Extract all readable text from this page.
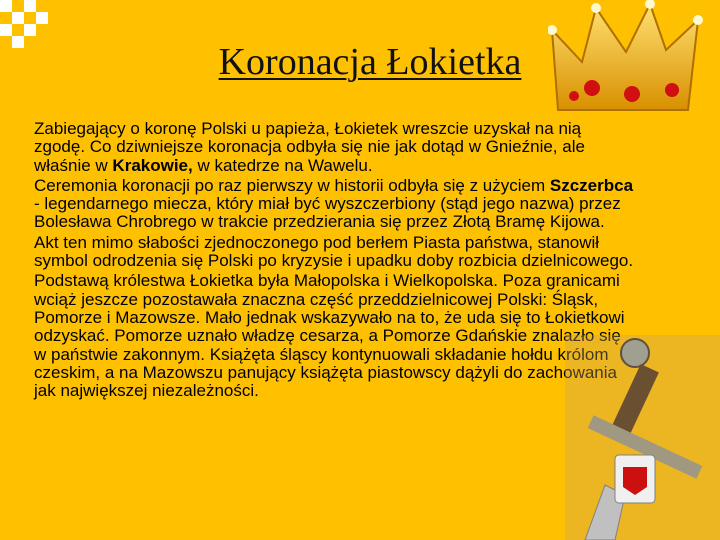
Koronacja Łokietka

Zabiegający o koronę Polski u papieża, Łokietek wreszcie uzyskał na nią zgodę. Co dziwniejsze koronacja odbyła się nie jak dotąd w Gnieźnie, ale właśnie w Krakowie, w katedrze na Wawelu.

Ceremonia koronacji po raz pierwszy w historii odbyła się z użyciem Szczerbca - legendarnego miecza, który miał być wyszczerbiony (stąd jego nazwa) przez Bolesława Chrobrego w trakcie przedzierania się przez Złotą Bramę Kijowa.

Akt ten mimo słabości zjednoczonego pod berłem Piasta państwa, stanowił symbol odrodzenia się Polski po kryzysie i upadku doby rozbicia dzielnicowego.

Podstawą królestwa Łokietka była Małopolska i Wielkopolska. Poza granicami wciąż jeszcze pozostawała znaczna część przeddzielnicowej Polski: Śląsk, Pomorze i Mazowsze. Mało jednak wskazywało na to, że uda się to Łokietkowi odzyskać. Pomorze uznało władzę cesarza, a Pomorze Gdańskie znalazło się w państwie zakonnym. Książęta śląscy kontynuowali składanie hołdu królom czeskim, a na Mazowszu panujący książęta piastowscy dążyli do zachowania jak największej niezależności.
